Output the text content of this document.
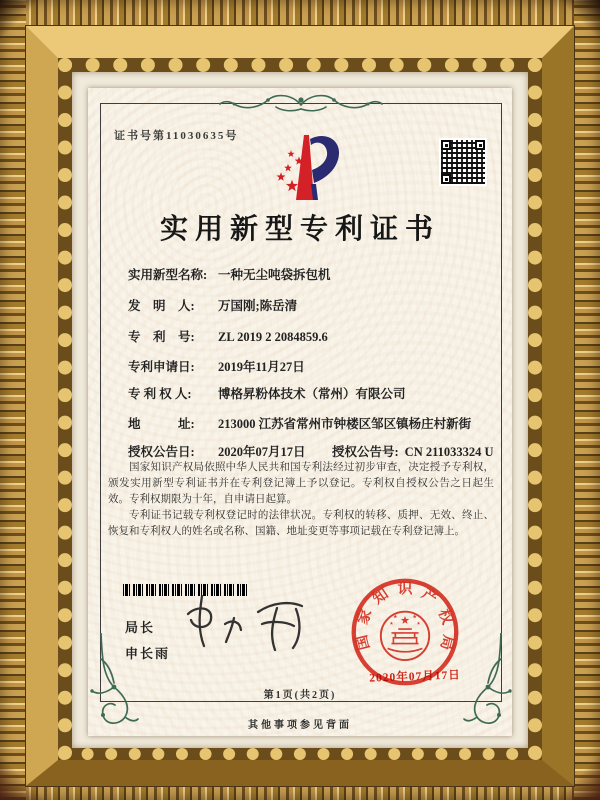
证书号第11030635号
实用新型专利证书
实用新型名称: 一种无尘吨袋拆包机
发　明　人: 万国刚;陈岳清
专　利　号: ZL 2019 2 2084859.6
专利申请日: 2019年11月27日
专 利 权 人: 博格昇粉体技术（常州）有限公司
地　　　址: 213000 江苏省常州市钟楼区邹区镇杨庄村新街
授权公告日: 2020年07月17日 授权公告号: CN 211033324 U

国家知识产权局依照中华人民共和国专利法经过初步审查，决定授予专利权，颁发实用新型专利证书并在专利登记簿上予以登记。专利权自授权公告之日起生效。专利权期限为十年，自申请日起算。

专利证书记载专利权登记时的法律状况。专利权的转移、质押、无效、终止、恢复和专利权人的姓名或名称、国籍、地址变更等事项记载在专利登记簿上。

局长
申长雨
国家知识产权局
2020年07月17日
第1页(共2页)
其他事项参见背面
